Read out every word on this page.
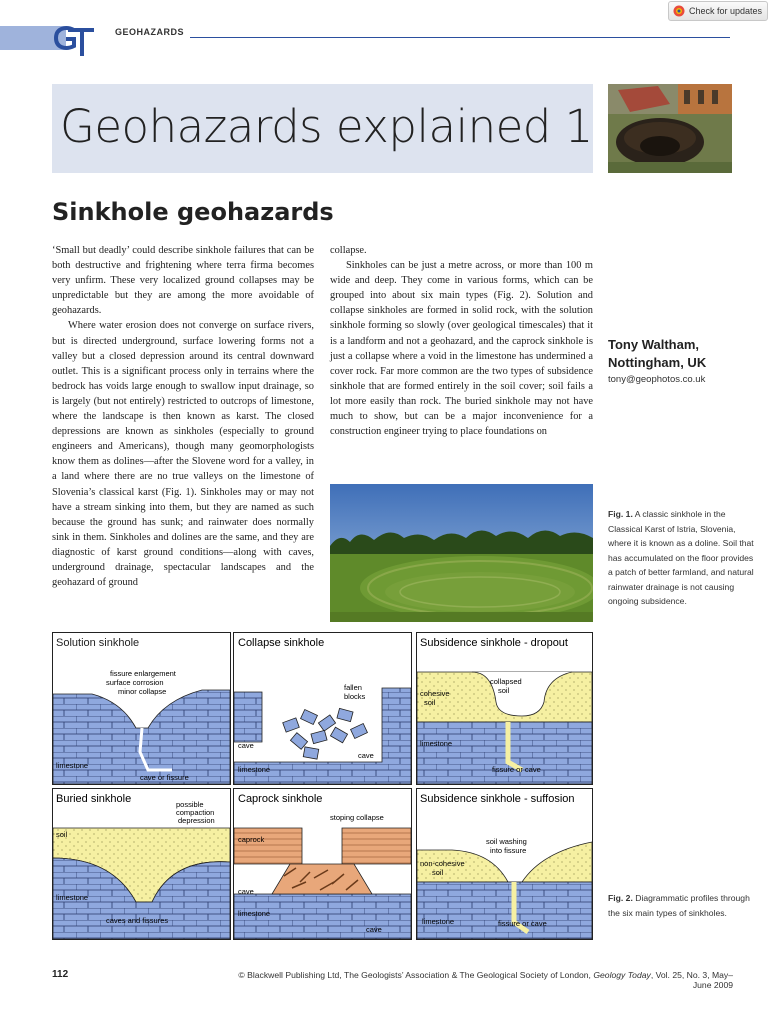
GEOHAZARDS
Check for updates
Geohazards explained 1
Sinkhole geohazards

‘Small but deadly’ could describe sinkhole failures that can be both destructive and frightening where terra firma becomes very unfirm. These very localized ground collapses may be unpredictable but they are among the more avoidable of geohazards.

Where water erosion does not converge on surface rivers, but is directed underground, surface lowering forms not a valley but a closed depression around its central downward outlet. This is a significant process only in terrains where the bedrock has voids large enough to swallow input drainage, so is largely (but not entirely) restricted to outcrops of limestone, where the landscape is then known as karst. The closed depressions are known as sinkholes (especially to ground engineers and Americans), though many geomorphologists know them as dolines—after the Slovene word for a valley, in a land where there are no true valleys on the limestone of Slovenia’s classical karst (Fig. 1). Sinkholes may or may not have a stream sinking into them, but they are named as such because the ground has sunk; and rainwater does normally sink in them. Sinkholes and dolines are the same, and they are diagnostic of karst ground conditions—along with caves, underground drainage, spectacular landscapes and the geohazard of ground

collapse.

Sinkholes can be just a metre across, or more than 100 m wide and deep. They come in various forms, which can be grouped into about six main types (Fig. 2). Solution and collapse sinkholes are formed in solid rock, with the solution sinkhole forming so slowly (over geological timescales) that it is a landform and not a geohazard, and the caprock sinkhole is just a collapse where a void in the limestone has undermined a cover rock. Far more common are the two types of subsidence sinkhole that are formed entirely in the soil cover; soil fails a lot more easily than rock. The buried sinkhole may not have much to show, but can be a major inconvenience for a construction engineer trying to place foundations on

Tony Waltham, Nottingham, UK
tony@geophotos.co.uk
Fig. 1. A classic sinkhole in the Classical Karst of Istria, Slovenia, where it is known as a doline. Soil that has accumulated on the floor provides a patch of better farmland, and natural rainwater drainage is not causing ongoing subsidence.
Solution sinkhole
fissure enlargement
surface corrosion
minor collapse
limestone
cave or fissure
Collapse sinkhole
fallen
blocks
cave
cave
limestone
Subsidence sinkhole - dropout
collapsed
soil
cohesive
soil
limestone
fissure or cave
Buried sinkhole	possible
compaction
depression
soil
limestone
caves and fissures
Caprock sinkhole
stoping collapse
caprock
cave
limestone
cave
Subsidence sinkhole - suffosion
soil washing
into fissure
non-cohesive
soil
limestone	fissure or cave
Fig. 2. Diagrammatic profiles through the six main types of sinkholes.
112	© Blackwell Publishing Ltd, The Geologists’ Association & The Geological Society of London, Geology Today, Vol. 25, No. 3, May–June 2009
